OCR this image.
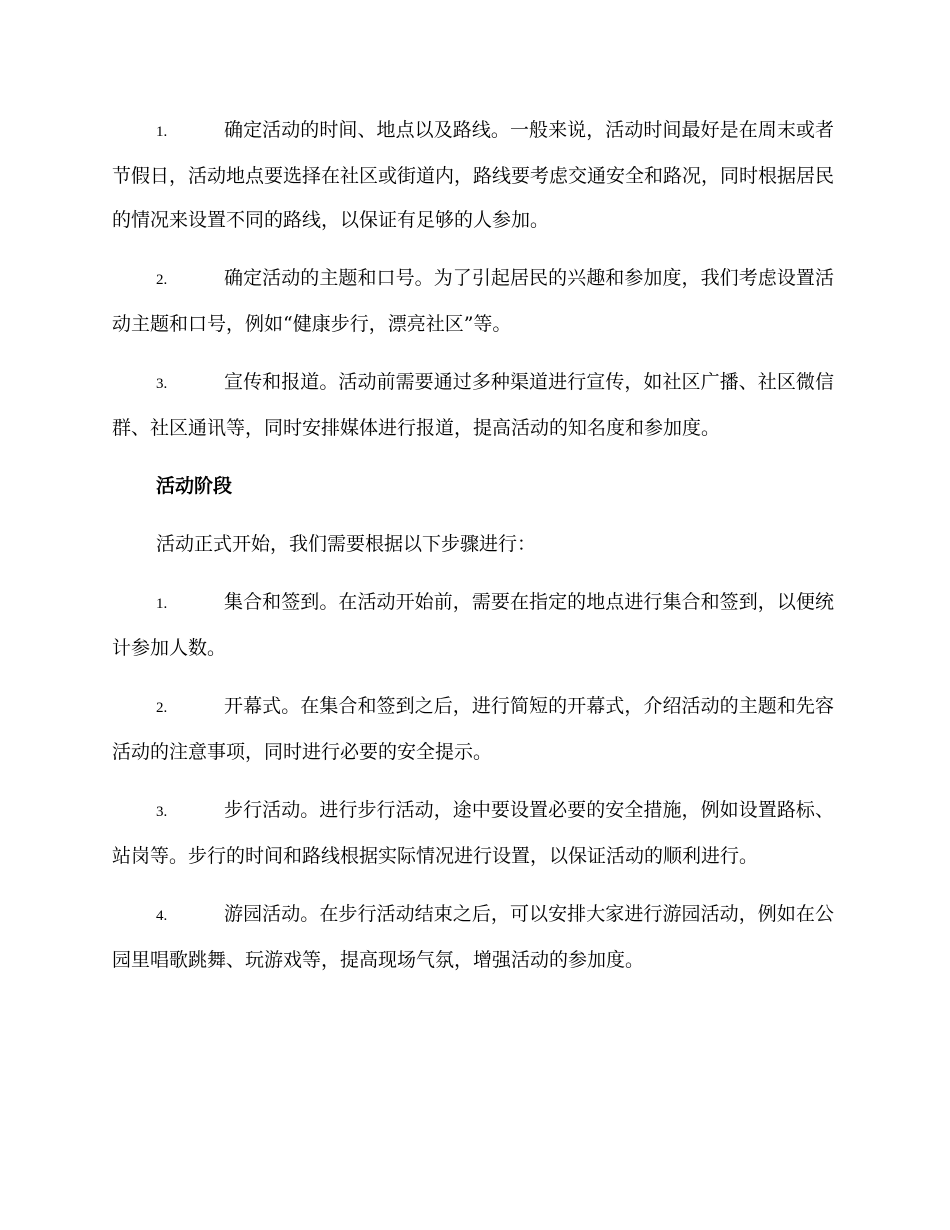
1.	确定活动的时间、地点以及路线。一般来说，活动时间最好是在周末或者节假日，活动地点要选择在社区或街道内，路线要考虑交通安全和路况，同时根据居民的情况来设置不同的路线，以保证有足够的人参加。
2.	确定活动的主题和口号。为了引起居民的兴趣和参加度，我们考虑设置活动主题和口号，例如“健康步行，漂亮社区”等。
3.	宣传和报道。活动前需要通过多种渠道进行宣传，如社区广播、社区微信群、社区通讯等，同时安排媒体进行报道，提高活动的知名度和参加度。
活动阶段
活动正式开始，我们需要根据以下步骤进行：
1.	集合和签到。在活动开始前，需要在指定的地点进行集合和签到，以便统计参加人数。
2.	开幕式。在集合和签到之后，进行简短的开幕式，介绍活动的主题和先容活动的注意事项，同时进行必要的安全提示。
3.	步行活动。进行步行活动，途中要设置必要的安全措施，例如设置路标、站岗等。步行的时间和路线根据实际情况进行设置，以保证活动的顺利进行。
4.	游园活动。在步行活动结束之后，可以安排大家进行游园活动，例如在公园里唱歌跳舞、玩游戏等，提高现场气氛，增强活动的参加度。
